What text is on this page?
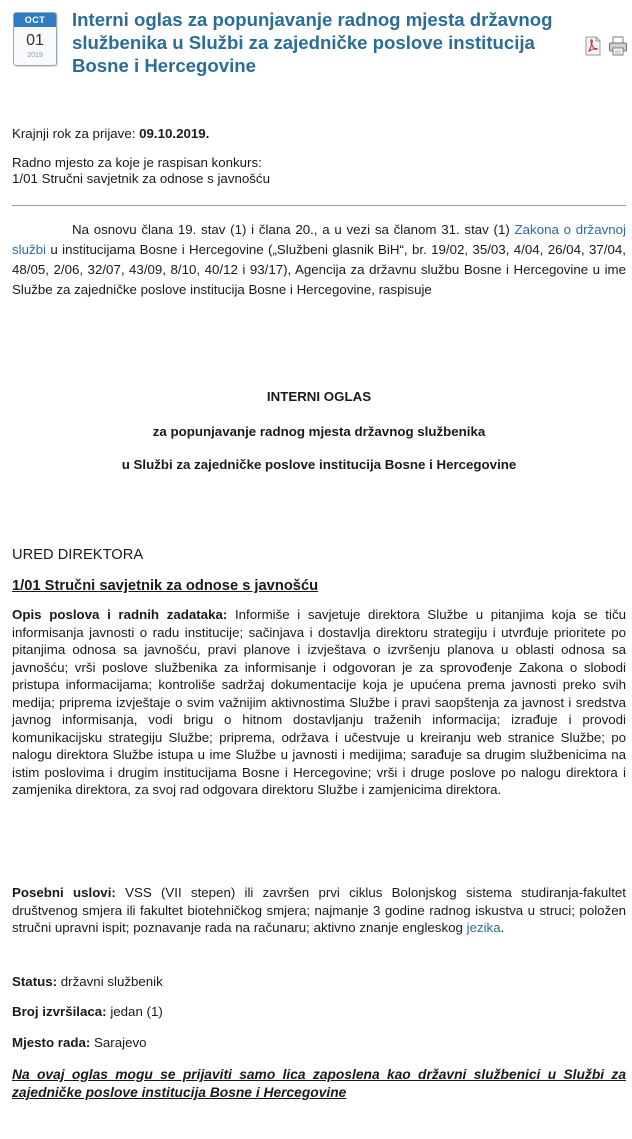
OCT
01
2019
Interni oglas za popunjavanje radnog mjesta državnog službenika u Službi za zajedničke poslove institucija Bosne i Hercegovine
Krajnji rok za prijave: 09.10.2019.
Radno mjesto za koje je raspisan konkurs:
1/01 Stručni savjetnik za odnose s javnošću

Na osnovu člana 19. stav (1) i člana 20., a u vezi sa članom 31. stav (1) Zakona o državnoj službi u institucijama Bosne i Hercegovine („Službeni glasnik BiH“, br. 19/02, 35/03, 4/04, 26/04, 37/04, 48/05, 2/06, 32/07, 43/09, 8/10, 40/12 i 93/17), Agencija za državnu službu Bosne i Hercegovine u ime Službe za zajedničke poslove institucija Bosne i Hercegovine, raspisuje

INTERNI OGLAS

za popunjavanje radnog mjesta državnog službenika

u Službi za zajedničke poslove institucija Bosne i Hercegovine

URED DIREKTORA
1/01 Stručni savjetnik za odnose s javnošću

Opis poslova i radnih zadataka: Informiše i savjetuje direktora Službe u pitanjima koja se tiču informisanja javnosti o radu institucije; sačinjava i dostavlja direktoru strategiju i utvrđuje prioritete po pitanjima odnosa sa javnošću, pravi planove i izvještava o izvršenju planova u oblasti odnosa sa javnošću; vrši poslove službenika za informisanje i odgovoran je za sprovođenje Zakona o slobodi pristupa informacijama; kontroliše sadržaj dokumentacije koja je upućena prema javnosti preko svih medija; priprema izvještaje o svim važnijim aktivnostima Službe i pravi saopštenja za javnost i sredstva javnog informisanja, vodi brigu o hitnom dostavljanju traženih informacija; izrađuje i provodi komunikacijsku strategiju Službe; priprema, održava i učestvuje u kreiranju web stranice Službe; po nalogu direktora Službe istupa u ime Službe u javnosti i medijima; sarađuje sa drugim službenicima na istim poslovima i drugim institucijama Bosne i Hercegovine; vrši i druge poslove po nalogu direktora i zamjenika direktora, za svoj rad odgovara direktoru Službe i zamjenicima direktora.

Posebni uslovi: VSS (VII stepen) ili završen prvi ciklus Bolonjskog sistema studiranja-fakultet društvenog smjera ili fakultet biotehničkog smjera; najmanje 3 godine radnog iskustva u struci; položen stručni upravni ispit; poznavanje rada na računaru; aktivno znanje engleskog jezika.

Status: državni službenik

Broj izvršilaca: jedan (1)

Mjesto rada: Sarajevo

Na ovaj oglas mogu se prijaviti samo lica zaposlena kao državni službenici u Službi za zajedničke poslove institucija Bosne i Hercegovine
